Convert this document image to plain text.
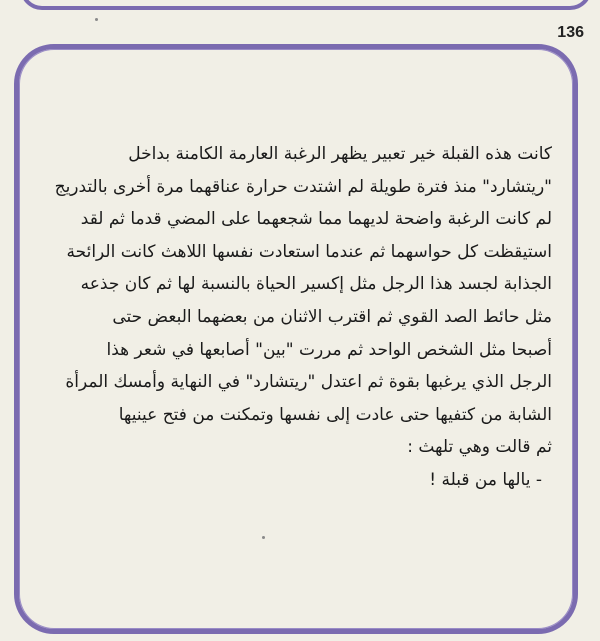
136
كانت هذه القبلة خير تعبير يظهر الرغبة العارمة الكامنة بداخل
"ريتشارد" منذ فترة طويلة لم اشتدت حرارة عناقهما مرة أخرى بالتدريج
لم كانت الرغبة واضحة لديهما مما شجعهما على المضي قدما ثم لقد
استيقظت كل حواسهما ثم عندما استعادت نفسها اللاهث كانت الرائحة
الجذابة لجسد هذا الرجل مثل إكسير الحياة بالنسبة لها ثم كان جذعه
مثل حائط الصد القوي ثم اقترب الاثنان من بعضهما البعض حتى
أصبحا مثل الشخص الواحد ثم مررت "بين" أصابعها في شعر هذا
الرجل الذي يرغبها بقوة ثم اعتدل "ريتشارد" في النهاية وأمسك المرأة
الشابة من كتفيها حتى عادت إلى نفسها وتمكنت من فتح عينيها
ثم قالت وهي تلهث :
- يالها من قبلة !
